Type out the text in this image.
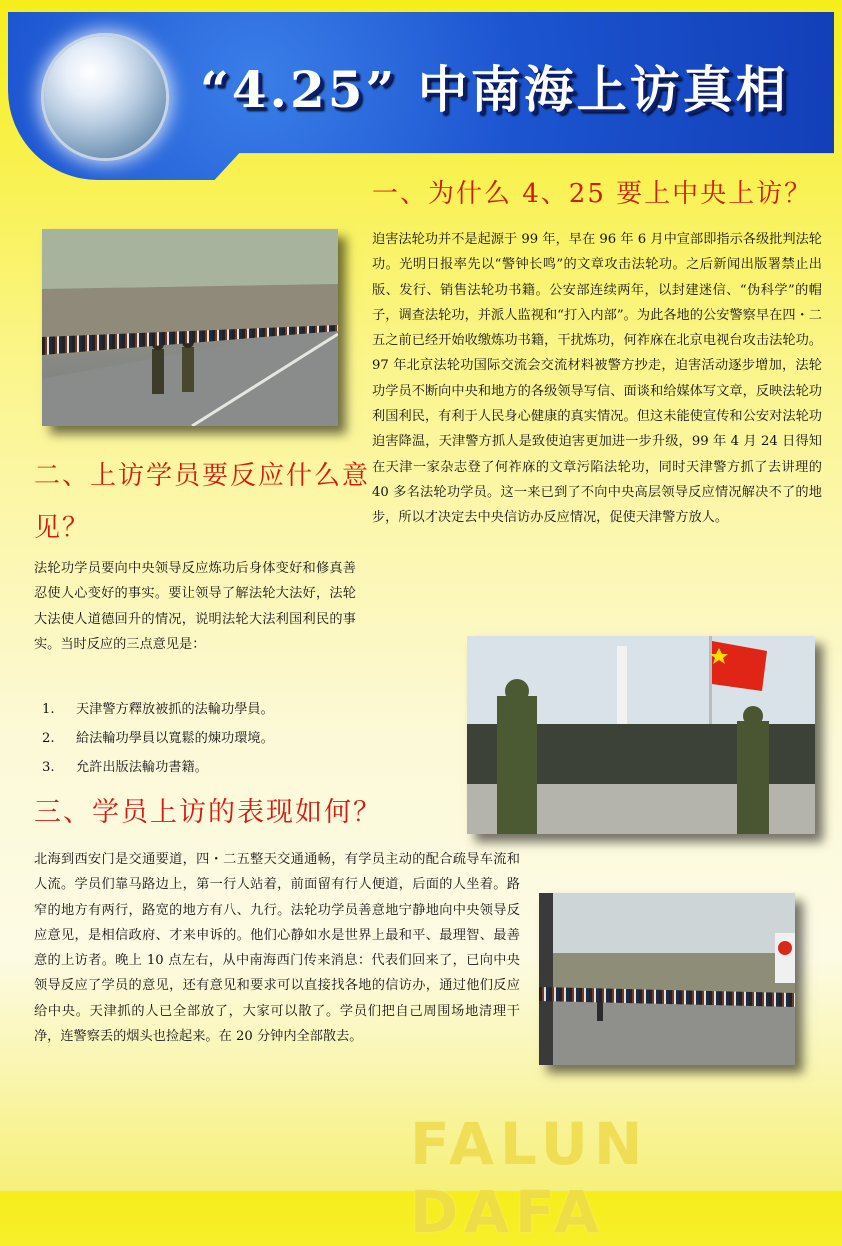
“4.25” 中南海上访真相
一、为什么 4、25 要上中央上访？

迫害法轮功并不是起源于 99 年，早在 96 年 6 月中宣部即指示各级批判法轮功。光明日报率先以“警钟长鸣”的文章攻击法轮功。之后新闻出版署禁止出版、发行、销售法轮功书籍。公安部连续两年，以封建迷信、“伪科学”的帽子，调查法轮功，并派人监视和“打入内部”。为此各地的公安警察早在四・二五之前已经开始收缴炼功书籍，干扰炼功，何祚庥在北京电视台攻击法轮功。97 年北京法轮功国际交流会交流材料被警方抄走，迫害活动逐步增加，法轮功学员不断向中央和地方的各级领导写信、面谈和给媒体写文章，反映法轮功利国利民，有利于人民身心健康的真实情况。但这未能使宣传和公安对法轮功迫害降温，天津警方抓人是致使迫害更加进一步升级，99 年 4 月 24 日得知在天津一家杂志登了何祚庥的文章污陷法轮功，同时天津警方抓了去讲理的 40 多名法轮功学员。这一来已到了不向中央高层领导反应情况解决不了的地步，所以才决定去中央信访办反应情况，促使天津警方放人。

二、上访学员要反应什么意见？

法轮功学员要向中央领导反应炼功后身体变好和修真善忍使人心变好的事实。要让领导了解法轮大法好，法轮大法使人道德回升的情况，说明法轮大法利国利民的事实。当时反应的三点意见是：

1. 天津警方釋放被抓的法輪功學員。
2. 給法輪功學員以寬鬆的煉功環境。
3. 允許出版法輪功書籍。
三、学员上访的表现如何？

北海到西安门是交通要道，四・二五整天交通通畅，有学员主动的配合疏导车流和人流。学员们靠马路边上，第一行人站着，前面留有行人便道，后面的人坐着。路窄的地方有两行，路宽的地方有八、九行。法轮功学员善意地宁静地向中央领导反应意见，是相信政府、才来申诉的。他们心静如水是世界上最和平、最理智、最善意的上访者。晚上 10 点左右，从中南海西门传来消息：代表们回来了，已向中央领导反应了学员的意见，还有意见和要求可以直接找各地的信访办，通过他们反应给中央。天津抓的人已全部放了，大家可以散了。学员们把自己周围场地清理干净，连警察丢的烟头也捡起来。在 20 分钟内全部散去。

FALUN DAFA
